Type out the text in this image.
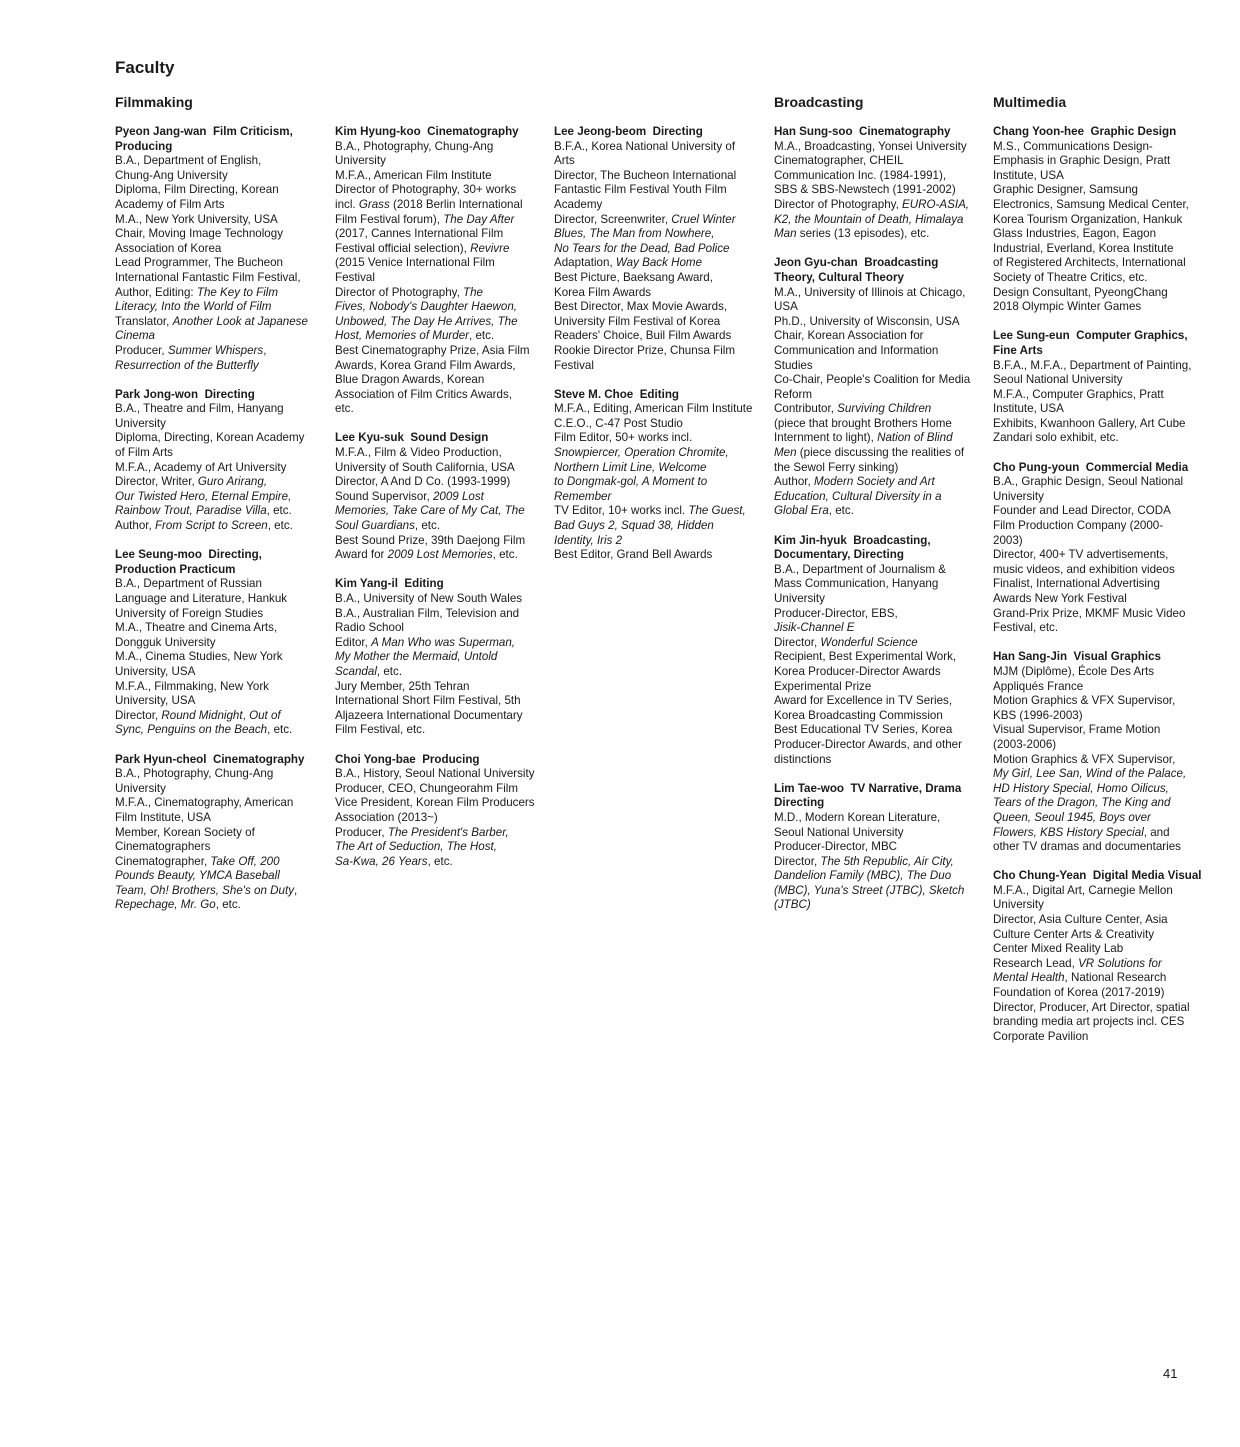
Faculty
Filmmaking	Broadcasting	Multimedia
Pyeon Jang-wan Film Criticism, Producing
B.A., Department of English,
Chung-Ang University
Diploma, Film Directing, Korean
Academy of Film Arts
M.A., New York University, USA
Chair, Moving Image Technology
Association of Korea
Lead Programmer, The Bucheon
International Fantastic Film Festival,
Author, Editing: The Key to Film
Literacy, Into the World of Film
Translator, Another Look at Japanese
Cinema
Producer, Summer Whispers,
Resurrection of the Butterfly
Park Jong-won Directing
B.A., Theatre and Film, Hanyang
University
Diploma, Directing, Korean Academy
of Film Arts
M.F.A., Academy of Art University
Director, Writer, Guro Arirang,
Our Twisted Hero, Eternal Empire,
Rainbow Trout, Paradise Villa, etc.
Author, From Script to Screen, etc.
Lee Seung-moo Directing, Production Practicum
B.A., Department of Russian
Language and Literature, Hankuk
University of Foreign Studies
M.A., Theatre and Cinema Arts,
Dongguk University
M.A., Cinema Studies, New York
University, USA
M.F.A., Filmmaking, New York
University, USA
Director, Round Midnight, Out of
Sync, Penguins on the Beach, etc.
Park Hyun-cheol Cinematography
B.A., Photography, Chung-Ang
University
M.F.A., Cinematography, American
Film Institute, USA
Member, Korean Society of
Cinematographers
Cinematographer, Take Off, 200
Pounds Beauty, YMCA Baseball
Team, Oh! Brothers, She's on Duty,
Repechage, Mr. Go, etc.
Kim Hyung-koo Cinematography
B.A., Photography, Chung-Ang
University
M.F.A., American Film Institute
Director of Photography, 30+ works
incl. Grass (2018 Berlin International
Film Festival forum), The Day After
(2017, Cannes International Film
Festival official selection), Revivre
(2015 Venice International Film
Festival
Director of Photography, The
Fives, Nobody's Daughter Haewon,
Unbowed, The Day He Arrives, The
Host, Memories of Murder, etc.
Best Cinematography Prize, Asia Film
Awards, Korea Grand Film Awards,
Blue Dragon Awards, Korean
Association of Film Critics Awards,
etc.
Lee Kyu-suk Sound Design
M.F.A., Film & Video Production,
University of South California, USA
Director, A And D Co. (1993-1999)
Sound Supervisor, 2009 Lost
Memories, Take Care of My Cat, The
Soul Guardians, etc.
Best Sound Prize, 39th Daejong Film
Award for 2009 Lost Memories, etc.
Kim Yang-il Editing
B.A., University of New South Wales
B.A., Australian Film, Television and
Radio School
Editor, A Man Who was Superman,
My Mother the Mermaid, Untold
Scandal, etc.
Jury Member, 25th Tehran
International Short Film Festival, 5th
Aljazeera International Documentary
Film Festival, etc.
Choi Yong-bae Producing
B.A., History, Seoul National University
Producer, CEO, Chungeorahm Film
Vice President, Korean Film Producers
Association (2013~)
Producer, The President's Barber,
The Art of Seduction, The Host,
Sa-Kwa, 26 Years, etc.
Lee Jeong-beom Directing
B.F.A., Korea National University of
Arts
Director, The Bucheon International
Fantastic Film Festival Youth Film
Academy
Director, Screenwriter, Cruel Winter
Blues, The Man from Nowhere,
No Tears for the Dead, Bad Police
Adaptation, Way Back Home
Best Picture, Baeksang Award,
Korea Film Awards
Best Director, Max Movie Awards,
University Film Festival of Korea
Readers' Choice, Buil Film Awards
Rookie Director Prize, Chunsa Film
Festival
Steve M. Choe Editing
M.F.A., Editing, American Film Institute
C.E.O., C-47 Post Studio
Film Editor, 50+ works incl.
Snowpiercer, Operation Chromite,
Northern Limit Line, Welcome
to Dongmak-gol, A Moment to
Remember
TV Editor, 10+ works incl. The Guest,
Bad Guys 2, Squad 38, Hidden
Identity, Iris 2
Best Editor, Grand Bell Awards
Han Sung-soo Cinematography
M.A., Broadcasting, Yonsei University
Cinematographer, CHEIL
Communication Inc. (1984-1991),
SBS & SBS-Newstech (1991-2002)
Director of Photography, EURO-ASIA,
K2, the Mountain of Death, Himalaya
Man series (13 episodes), etc.
Jeon Gyu-chan Broadcasting Theory, Cultural Theory
M.A., University of Illinois at Chicago,
USA
Ph.D., University of Wisconsin, USA
Chair, Korean Association for
Communication and Information
Studies
Co-Chair, People's Coalition for Media
Reform
Contributor, Surviving Children
(piece that brought Brothers Home
Internment to light), Nation of Blind
Men (piece discussing the realities of
the Sewol Ferry sinking)
Author, Modern Society and Art
Education, Cultural Diversity in a
Global Era, etc.
Kim Jin-hyuk Broadcasting, Documentary, Directing
B.A., Department of Journalism &
Mass Communication, Hanyang
University
Producer-Director, EBS,
Jisik-Channel E
Director, Wonderful Science
Recipient, Best Experimental Work,
Korea Producer-Director Awards
Experimental Prize
Award for Excellence in TV Series,
Korea Broadcasting Commission
Best Educational TV Series, Korea
Producer-Director Awards, and other
distinctions
Lim Tae-woo TV Narrative, Drama Directing
M.D., Modern Korean Literature,
Seoul National University
Producer-Director, MBC
Director, The 5th Republic, Air City,
Dandelion Family (MBC), The Duo
(MBC), Yuna's Street (JTBC), Sketch
(JTBC)
Chang Yoon-hee Graphic Design
M.S., Communications Design-
Emphasis in Graphic Design, Pratt
Institute, USA
Graphic Designer, Samsung
Electronics, Samsung Medical Center,
Korea Tourism Organization, Hankuk
Glass Industries, Eagon, Eagon
Industrial, Everland, Korea Institute
of Registered Architects, International
Society of Theatre Critics, etc.
Design Consultant, PyeongChang
2018 Olympic Winter Games
Lee Sung-eun Computer Graphics, Fine Arts
B.F.A., M.F.A., Department of Painting,
Seoul National University
M.F.A., Computer Graphics, Pratt
Institute, USA
Exhibits, Kwanhoon Gallery, Art Cube
Zandari solo exhibit, etc.
Cho Pung-youn Commercial Media
B.A., Graphic Design, Seoul National
University
Founder and Lead Director, CODA
Film Production Company (2000-
2003)
Director, 400+ TV advertisements,
music videos, and exhibition videos
Finalist, International Advertising
Awards New York Festival
Grand-Prix Prize, MKMF Music Video
Festival, etc.
Han Sang-Jin Visual Graphics
MJM (Diplôme), École Des Arts
Appliqués France
Motion Graphics & VFX Supervisor,
KBS (1996-2003)
Visual Supervisor, Frame Motion
(2003-2006)
Motion Graphics & VFX Supervisor,
My Girl, Lee San, Wind of the Palace,
HD History Special, Homo Oilicus,
Tears of the Dragon, The King and
Queen, Seoul 1945, Boys over
Flowers, KBS History Special, and
other TV dramas and documentaries
Cho Chung-Yean Digital Media Visual
M.F.A., Digital Art, Carnegie Mellon
University
Director, Asia Culture Center, Asia
Culture Center Arts & Creativity
Center Mixed Reality Lab
Research Lead, VR Solutions for
Mental Health, National Research
Foundation of Korea (2017-2019)
Director, Producer, Art Director, spatial
branding media art projects incl. CES
Corporate Pavilion
41
